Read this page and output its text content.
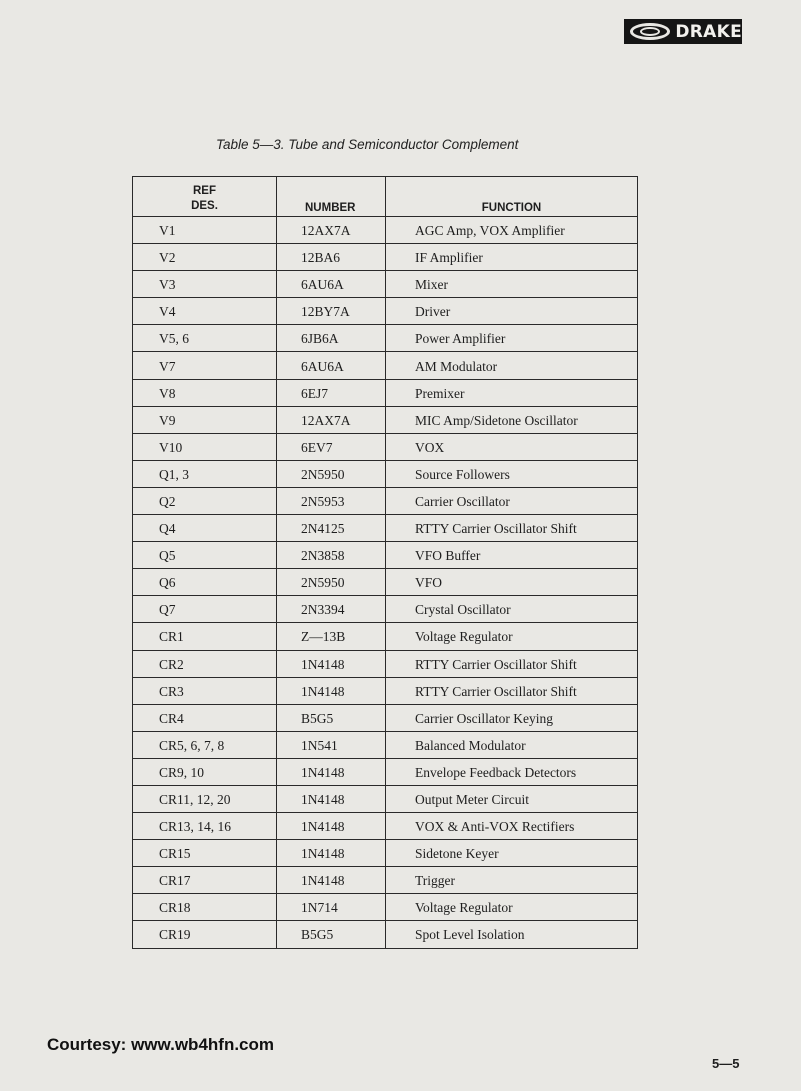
DRAKE
Table 5—3. Tube and Semiconductor Complement
REF
DES.	NUMBER	FUNCTION
V1	12AX7A	AGC Amp, VOX Amplifier
V2	12BA6	IF Amplifier
V3	6AU6A	Mixer
V4	12BY7A	Driver
V5, 6	6JB6A	Power Amplifier
V7	6AU6A	AM Modulator
V8	6EJ7	Premixer
V9	12AX7A	MIC Amp/Sidetone Oscillator
V10	6EV7	VOX
Q1, 3	2N5950	Source Followers
Q2	2N5953	Carrier Oscillator
Q4	2N4125	RTTY Carrier Oscillator Shift
Q5	2N3858	VFO Buffer
Q6	2N5950	VFO
Q7	2N3394	Crystal Oscillator
CR1	Z—13B	Voltage Regulator
CR2	1N4148	RTTY Carrier Oscillator Shift
CR3	1N4148	RTTY Carrier Oscillator Shift
CR4	B5G5	Carrier Oscillator Keying
CR5, 6, 7, 8	1N541	Balanced Modulator
CR9, 10	1N4148	Envelope Feedback Detectors
CR11, 12, 20	1N4148	Output Meter Circuit
CR13, 14, 16	1N4148	VOX & Anti-VOX Rectifiers
CR15	1N4148	Sidetone Keyer
CR17	1N4148	Trigger
CR18	1N714	Voltage Regulator
CR19	B5G5	Spot Level Isolation
Courtesy: www.wb4hfn.com
5—5
